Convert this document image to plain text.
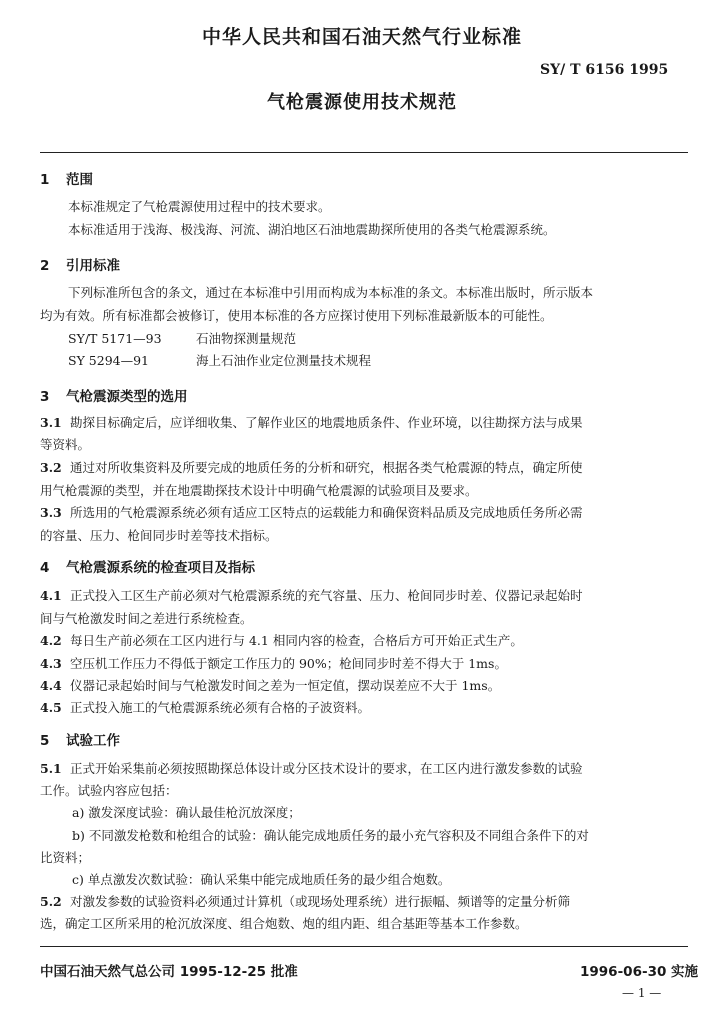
中华人民共和国石油天然气行业标准
SY/ T 6156 1995
气枪震源使用技术规范
1 范围
本标准规定了气枪震源使用过程中的技术要求。
本标准适用于浅海、极浅海、河流、湖泊地区石油地震勘探所使用的各类气枪震源系统。
2 引用标准
下列标准所包含的条文，通过在本标准中引用而构成为本标准的条文。本标准出版时，所示版本
均为有效。所有标准都会被修订，使用本标准的各方应探讨使用下列标准最新版本的可能性。
SY/T 5171—93	石油物探测量规范
SY 5294—91	海上石油作业定位测量技术规程
3 气枪震源类型的选用
3.1 勘探目标确定后，应详细收集、了解作业区的地震地质条件、作业环境，以往勘探方法与成果
等资料。
3.2 通过对所收集资料及所要完成的地质任务的分析和研究，根据各类气枪震源的特点，确定所使
用气枪震源的类型，并在地震勘探技术设计中明确气枪震源的试验项目及要求。
3.3 所选用的气枪震源系统必须有适应工区特点的运载能力和确保资料品质及完成地质任务所必需
的容量、压力、枪间同步时差等技术指标。
4 气枪震源系统的检查项目及指标
4.1 正式投入工区生产前必须对气枪震源系统的充气容量、压力、枪间同步时差、仪器记录起始时
间与气枪激发时间之差进行系统检查。
4.2 每日生产前必须在工区内进行与 4.1 相同内容的检查，合格后方可开始正式生产。
4.3 空压机工作压力不得低于额定工作压力的 90%；枪间同步时差不得大于 1ms。
4.4 仪器记录起始时间与气枪激发时间之差为一恒定值，摆动误差应不大于 1ms。
4.5 正式投入施工的气枪震源系统必须有合格的子波资料。
5 试验工作
5.1 正式开始采集前必须按照勘探总体设计或分区技术设计的要求，在工区内进行激发参数的试验
工作。试验内容应包括：
a) 激发深度试验：确认最佳枪沉放深度；
b) 不同激发枪数和枪组合的试验：确认能完成地质任务的最小充气容积及不同组合条件下的对
比资料；
c) 单点激发次数试验：确认采集中能完成地质任务的最少组合炮数。
5.2 对激发参数的试验资料必须通过计算机（或现场处理系统）进行振幅、频谱等的定量分析筛
选，确定工区所采用的枪沉放深度、组合炮数、炮的组内距、组合基距等基本工作参数。
中国石油天然气总公司 1995-12-25 批准	1996-06-30 实施
— 1 —
